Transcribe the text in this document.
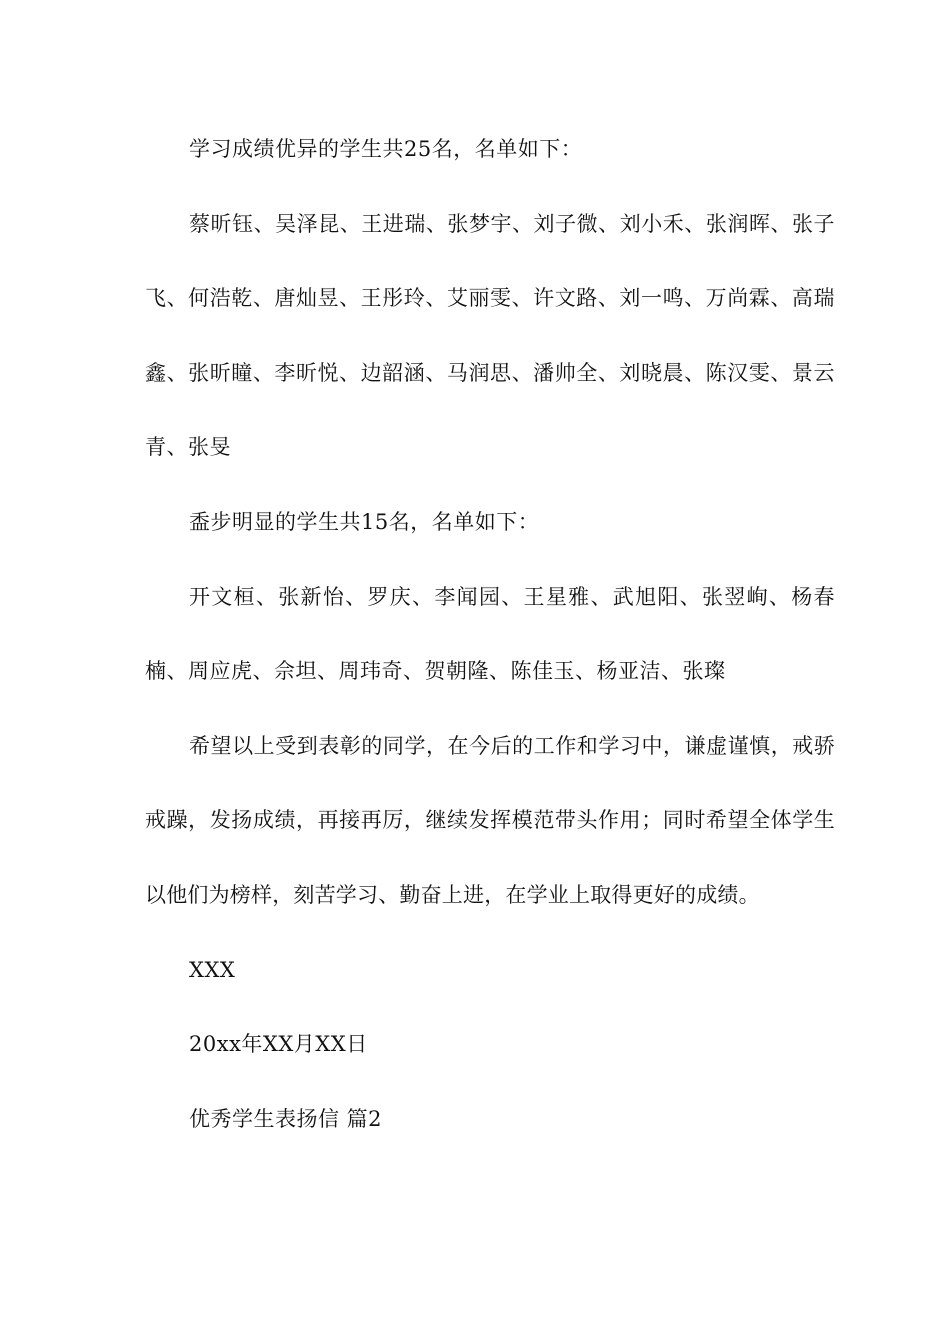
学习成绩优异的学生共25名，名单如下：

蔡昕钰、吴泽昆、王进瑞、张梦宇、刘子微、刘小禾、张润晖、张子飞、何浩乾、唐灿昱、王彤玲、艾丽雯、许文路、刘一鸣、万尚霖、高瑞鑫、张昕瞳、李昕悦、边韶涵、马润思、潘帅全、刘晓晨、陈汉雯、景云青、张旻

盉步明显的学生共15名，名单如下：

开文桓、张新怡、罗庆、李闻园、王星雅、武旭阳、张翌峋、杨春楠、周应虎、佘坦、周玮奇、贺朝隆、陈佳玉、杨亚洁、张璨

希望以上受到表彰的同学，在今后的工作和学习中，谦虚谨慎，戒骄戒躁，发扬成绩，再接再厉，继续发挥模范带头作用；同时希望全体学生以他们为榜样，刻苦学习、勤奋上进，在学业上取得更好的成绩。

XXX

20xx年XX月XX日

优秀学生表扬信 篇2
